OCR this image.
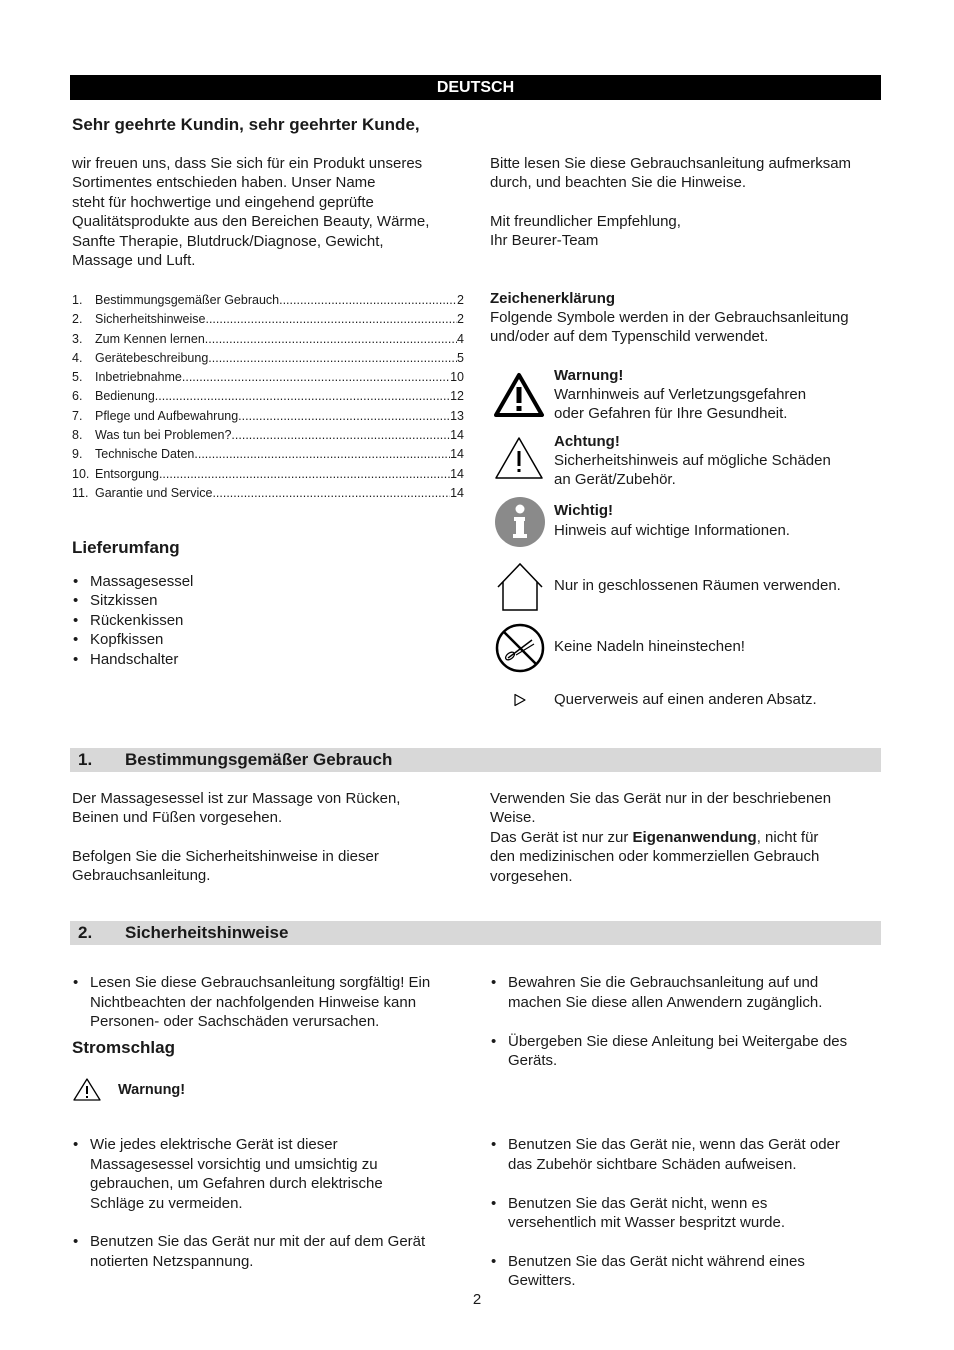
DEUTSCH
Sehr geehrte Kundin, sehr geehrter Kunde,
wir freuen uns, dass Sie sich für ein Produkt unseres
Sortimentes entschieden haben. Unser Name
steht für hochwertige und eingehend geprüfte
Qualitätsprodukte aus den Bereichen Beauty, Wärme,
Sanfte Therapie, Blutdruck/Diagnose, Gewicht,
Massage und Luft.
Bitte lesen Sie diese Gebrauchsanleitung aufmerksam
durch, und beachten Sie die Hinweise.
Mit freundlicher Empfehlung,
Ihr Beurer-Team
1.	Bestimmungsgemäßer Gebrauch .....	2
2.	Sicherheitshinweise .....	2
3.	Zum Kennen lernen .....	4
4.	Gerätebeschreibung .....	5
5.	Inbetriebnahme .....	10
6.	Bedienung .....	12
7.	Pflege und Aufbewahrung .....	13
8.	Was tun bei Problemen? .....	14
9.	Technische Daten .....	14
10. Entsorgung .....	14
11. Garantie und Service .....	14
Lieferumfang
• Massagesessel
• Sitzkissen
• Rückenkissen
• Kopfkissen
• Handschalter
Zeichenerklärung
Folgende Symbole werden in der Gebrauchsanleitung
und/oder auf dem Typenschild verwendet.
Warnung!
Warnhinweis auf Verletzungsgefahren
oder Gefahren für Ihre Gesundheit.
Achtung!
Sicherheitshinweis auf mögliche Schäden
an Gerät/Zubehör.
Wichtig!
Hinweis auf wichtige Informationen.
Nur in geschlossenen Räumen verwenden.
Keine Nadeln hineinstechen!
Querverweis auf einen anderen Absatz.
1. Bestimmungsgemäßer Gebrauch
Der Massagesessel ist zur Massage von Rücken,
Beinen und Füßen vorgesehen.
Befolgen Sie die Sicherheitshinweise in dieser
Gebrauchsanleitung.
Verwenden Sie das Gerät nur in der beschriebenen
Weise.
Das Gerät ist nur zur Eigenanwendung, nicht für
den medizinischen oder kommerziellen Gebrauch
vorgesehen.
2. Sicherheitshinweise

• Lesen Sie diese Gebrauchsanleitung sorgfältig! Ein
Nichtbeachten der nachfolgenden Hinweise kann
Personen- oder Sachschäden verursachen.

• Bewahren Sie die Gebrauchsanleitung auf und
machen Sie diese allen Anwendern zugänglich.

• Übergeben Sie diese Anleitung bei Weitergabe des
Geräts.

Stromschlag
Warnung!

• Wie jedes elektrische Gerät ist dieser
Massagesessel vorsichtig und umsichtig zu
gebrauchen, um Gefahren durch elektrische
Schläge zu vermeiden.

• Benutzen Sie das Gerät nur mit der auf dem Gerät
notierten Netzspannung.

• Benutzen Sie das Gerät nie, wenn das Gerät oder
das Zubehör sichtbare Schäden aufweisen.

• Benutzen Sie das Gerät nicht, wenn es
versehentlich mit Wasser bespritzt wurde.

• Benutzen Sie das Gerät nicht während eines
Gewitters.

2
